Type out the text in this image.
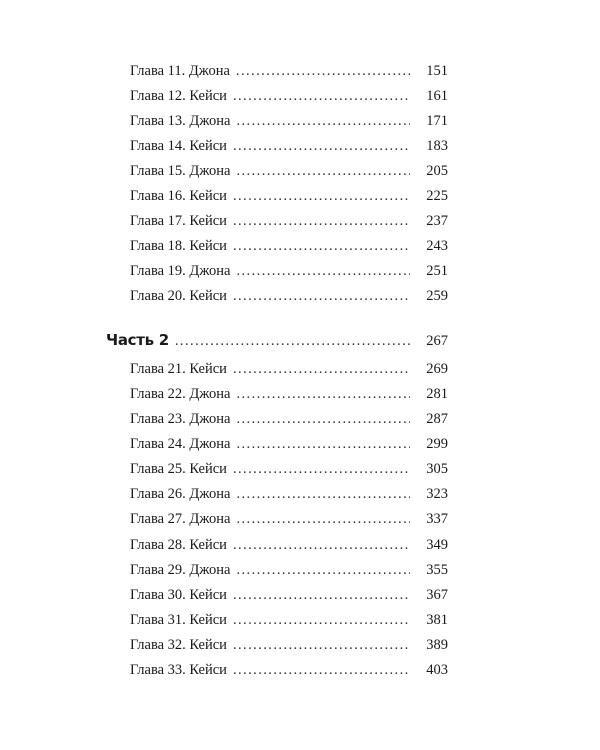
Глава 11. Джона . . .	151
Глава 12. Кейси . . .	161
Глава 13. Джона . . .	171
Глава 14. Кейси . . .	183
Глава 15. Джона . . .	205
Глава 16. Кейси . . .	225
Глава 17. Кейси . . .	237
Глава 18. Кейси . . .	243
Глава 19. Джона . . .	251
Глава 20. Кейси . . .	259
Часть 2 . . .	267
Глава 21. Кейси . . .	269
Глава 22. Джона . . .	281
Глава 23. Джона . . .	287
Глава 24. Джона . . .	299
Глава 25. Кейси . . .	305
Глава 26. Джона . . .	323
Глава 27. Джона . . .	337
Глава 28. Кейси . . .	349
Глава 29. Джона . . .	355
Глава 30. Кейси . . .	367
Глава 31. Кейси . . .	381
Глава 32. Кейси . . .	389
Глава 33. Кейси . . .	403
